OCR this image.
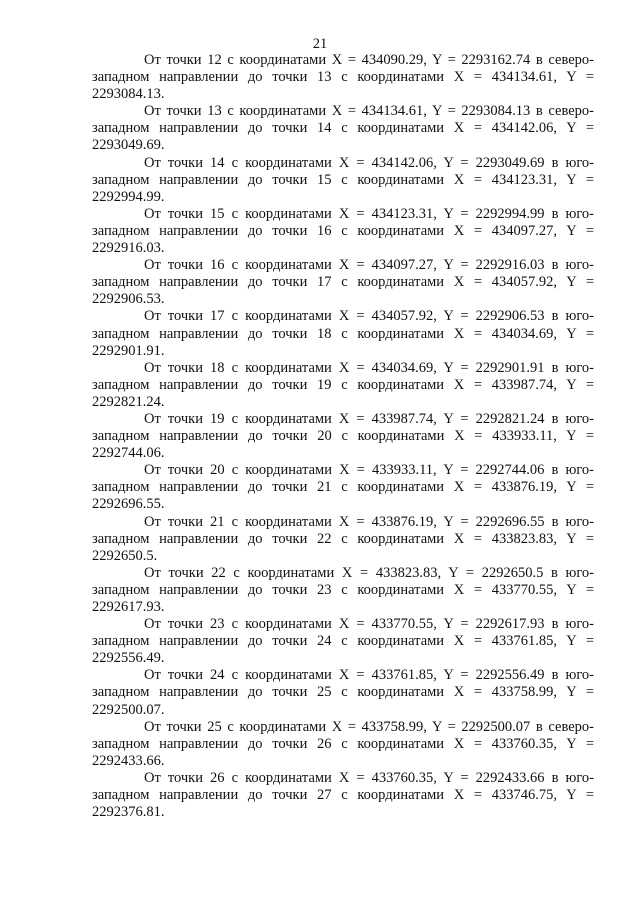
21

От точки 12 с координатами X = 434090.29, Y = 2293162.74 в северо-западном направлении до точки 13 с координатами X = 434134.61, Y = 2293084.13.

От точки 13 с координатами X = 434134.61, Y = 2293084.13 в северо-западном направлении до точки 14 с координатами X = 434142.06, Y = 2293049.69.

От точки 14 с координатами X = 434142.06, Y = 2293049.69 в юго-западном направлении до точки 15 с координатами X = 434123.31, Y = 2292994.99.

От точки 15 с координатами X = 434123.31, Y = 2292994.99 в юго-западном направлении до точки 16 с координатами X = 434097.27, Y = 2292916.03.

От точки 16 с координатами X = 434097.27, Y = 2292916.03 в юго-западном направлении до точки 17 с координатами X = 434057.92, Y = 2292906.53.

От точки 17 с координатами X = 434057.92, Y = 2292906.53 в юго-западном направлении до точки 18 с координатами X = 434034.69, Y = 2292901.91.

От точки 18 с координатами X = 434034.69, Y = 2292901.91 в юго-западном направлении до точки 19 с координатами X = 433987.74, Y = 2292821.24.

От точки 19 с координатами X = 433987.74, Y = 2292821.24 в юго-западном направлении до точки 20 с координатами X = 433933.11, Y = 2292744.06.

От точки 20 с координатами X = 433933.11, Y = 2292744.06 в юго-западном направлении до точки 21 с координатами X = 433876.19, Y = 2292696.55.

От точки 21 с координатами X = 433876.19, Y = 2292696.55 в юго-западном направлении до точки 22 с координатами X = 433823.83, Y = 2292650.5.

От точки 22 с координатами X = 433823.83, Y = 2292650.5 в юго-западном направлении до точки 23 с координатами X = 433770.55, Y = 2292617.93.

От точки 23 с координатами X = 433770.55, Y = 2292617.93 в юго-западном направлении до точки 24 с координатами X = 433761.85, Y = 2292556.49.

От точки 24 с координатами X = 433761.85, Y = 2292556.49 в юго-западном направлении до точки 25 с координатами X = 433758.99, Y = 2292500.07.

От точки 25 с координатами X = 433758.99, Y = 2292500.07 в северо-западном направлении до точки 26 с координатами X = 433760.35, Y = 2292433.66.

От точки 26 с координатами X = 433760.35, Y = 2292433.66 в юго-западном направлении до точки 27 с координатами X = 433746.75, Y = 2292376.81.
